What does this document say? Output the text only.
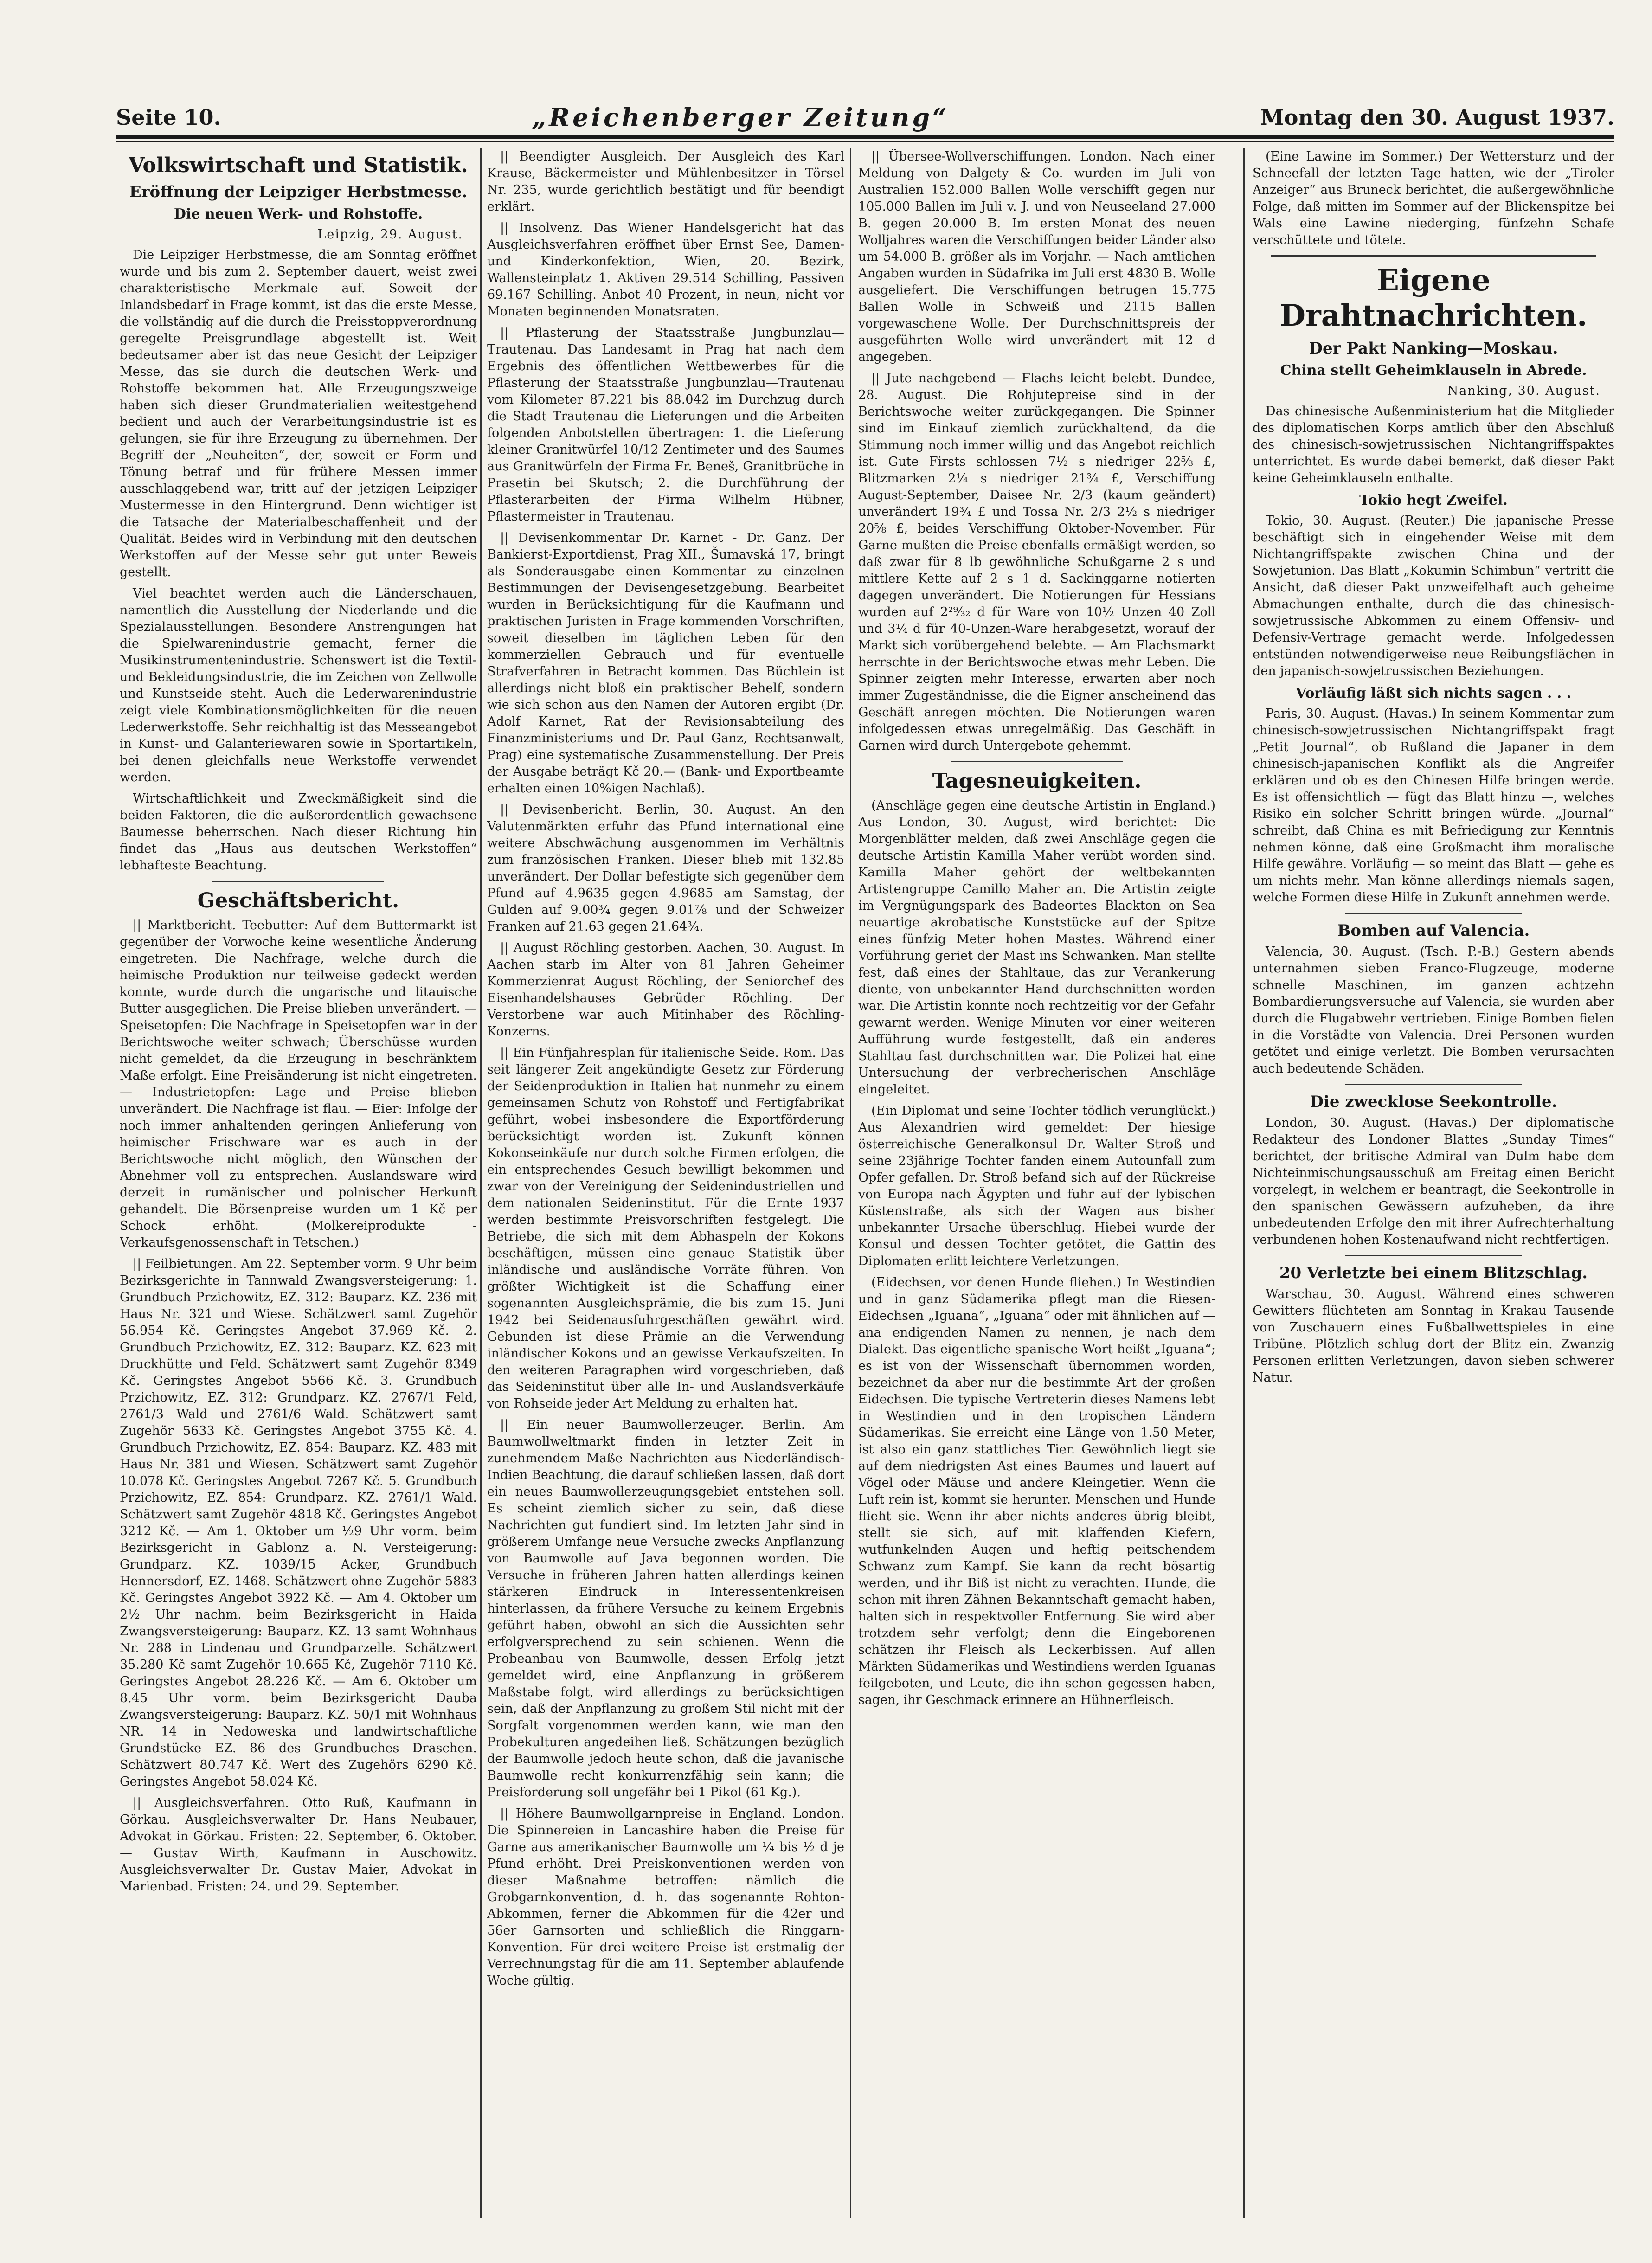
Seite 10.	„Reichenberger Zeitung“	Montag den 30. August 1937.
Volkswirtschaft und Statistik.
Eröffnung der Leipziger Herbstmesse.
Die neuen Werk- und Rohstoffe.
Leipzig, 29. August.

Die Leipziger Herbstmesse, die am Sonntag eröffnet wurde und bis zum 2. September dauert, weist zwei charakteristische Merkmale auf. Soweit der Inlandsbedarf in Frage kommt, ist das die erste Messe, die vollständig auf die durch die Preisstoppverordnung geregelte Preisgrundlage abgestellt ist. Weit bedeutsamer aber ist das neue Gesicht der Leipziger Messe, das sie durch die deutschen Werk- und Rohstoffe bekommen hat. Alle Erzeugungszweige haben sich dieser Grundmaterialien weitestgehend bedient und auch der Verarbeitungsindustrie ist es gelungen, sie für ihre Erzeugung zu übernehmen. Der Begriff der „Neuheiten“, der, soweit er Form und Tönung betraf und für frühere Messen immer ausschlaggebend war, tritt auf der jetzigen Leipziger Mustermesse in den Hintergrund. Denn wichtiger ist die Tatsache der Materialbeschaffenheit und der Qualität. Beides wird in Verbindung mit den deutschen Werkstoffen auf der Messe sehr gut unter Beweis gestellt.

Viel beachtet werden auch die Länderschauen, namentlich die Ausstellung der Niederlande und die Spezialausstellungen. Besondere Anstrengungen hat die Spielwarenindustrie gemacht, ferner die Musikinstrumentenindustrie. Schenswert ist die Textil- und Bekleidungsindustrie, die im Zeichen von Zellwolle und Kunstseide steht. Auch die Lederwarenindustrie zeigt viele Kombinationsmöglichkeiten für die neuen Lederwerkstoffe. Sehr reichhaltig ist das Messeangebot in Kunst- und Galanteriewaren sowie in Sportartikeln, bei denen gleichfalls neue Werkstoffe verwendet werden.

Wirtschaftlichkeit und Zweckmäßigkeit sind die beiden Faktoren, die die außerordentlich gewachsene Baumesse beherrschen. Nach dieser Richtung hin findet das „Haus aus deutschen Werkstoffen“ lebhafteste Beachtung.

Geschäftsbericht.

|| Marktbericht. Teebutter: Auf dem Buttermarkt ist gegenüber der Vorwoche keine wesentliche Änderung eingetreten. Die Nachfrage, welche durch die heimische Produktion nur teilweise gedeckt werden konnte, wurde durch die ungarische und litauische Butter ausgeglichen. Die Preise blieben unverändert. — Speisetopfen: Die Nachfrage in Speisetopfen war in der Berichtswoche weiter schwach; Überschüsse wurden nicht gemeldet, da die Erzeugung in beschränktem Maße erfolgt. Eine Preisänderung ist nicht eingetreten. — Industrietopfen: Lage und Preise blieben unverändert. Die Nachfrage ist flau. — Eier: Infolge der noch immer anhaltenden geringen Anlieferung von heimischer Frischware war es auch in der Berichtswoche nicht möglich, den Wünschen der Abnehmer voll zu entsprechen. Auslandsware wird derzeit in rumänischer und polnischer Herkunft gehandelt. Die Börsenpreise wurden um 1 Kč per Schock erhöht. (Molkereiprodukte - Verkaufsgenossenschaft in Tetschen.)

|| Feilbietungen. Am 22. September vorm. 9 Uhr beim Bezirksgerichte in Tannwald Zwangsversteigerung: 1. Grundbuch Przichowitz, EZ. 312: Bauparz. KZ. 236 mit Haus Nr. 321 und Wiese. Schätzwert samt Zugehör 56.954 Kč. Geringstes Angebot 37.969 Kč. 2. Grundbuch Przichowitz, EZ. 312: Bauparz. KZ. 623 mit Druckhütte und Feld. Schätzwert samt Zugehör 8349 Kč. Geringstes Angebot 5566 Kč. 3. Grundbuch Przichowitz, EZ. 312: Grundparz. KZ. 2767/1 Feld, 2761/3 Wald und 2761/6 Wald. Schätzwert samt Zugehör 5633 Kč. Geringstes Angebot 3755 Kč. 4. Grundbuch Przichowitz, EZ. 854: Bauparz. KZ. 483 mit Haus Nr. 381 und Wiesen. Schätzwert samt Zugehör 10.078 Kč. Geringstes Angebot 7267 Kč. 5. Grundbuch Przichowitz, EZ. 854: Grundparz. KZ. 2761/1 Wald. Schätzwert samt Zugehör 4818 Kč. Geringstes Angebot 3212 Kč. — Am 1. Oktober um ½9 Uhr vorm. beim Bezirksgericht in Gablonz a. N. Versteigerung: Grundparz. KZ. 1039/15 Acker, Grundbuch Hennersdorf, EZ. 1468. Schätzwert ohne Zugehör 5883 Kč. Geringstes Angebot 3922 Kč. — Am 4. Oktober um 2½ Uhr nachm. beim Bezirksgericht in Haida Zwangsversteigerung: Bauparz. KZ. 13 samt Wohnhaus Nr. 288 in Lindenau und Grundparzelle. Schätzwert 35.280 Kč samt Zugehör 10.665 Kč, Zugehör 7110 Kč. Geringstes Angebot 28.226 Kč. — Am 6. Oktober um 8.45 Uhr vorm. beim Bezirksgericht Dauba Zwangsversteigerung: Bauparz. KZ. 50/1 mit Wohnhaus NR. 14 in Nedoweska und landwirtschaftliche Grundstücke EZ. 86 des Grundbuches Draschen. Schätzwert 80.747 Kč. Wert des Zugehörs 6290 Kč. Geringstes Angebot 58.024 Kč.

|| Ausgleichsverfahren. Otto Ruß, Kaufmann in Görkau. Ausgleichsverwalter Dr. Hans Neubauer, Advokat in Görkau. Fristen: 22. September, 6. Oktober. — Gustav Wirth, Kaufmann in Auschowitz. Ausgleichsverwalter Dr. Gustav Maier, Advokat in Marienbad. Fristen: 24. und 29. September.

|| Beendigter Ausgleich. Der Ausgleich des Karl Krause, Bäckermeister und Mühlenbesitzer in Törsel Nr. 235, wurde gerichtlich bestätigt und für beendigt erklärt.

|| Insolvenz. Das Wiener Handelsgericht hat das Ausgleichsverfahren eröffnet über Ernst See, Damen- und Kinderkonfektion, Wien, 20. Bezirk, Wallensteinplatz 1. Aktiven 29.514 Schilling, Passiven 69.167 Schilling. Anbot 40 Prozent, in neun, nicht vor Monaten beginnenden Monatsraten.

|| Pflasterung der Staatsstraße Jungbunzlau—Trautenau. Das Landesamt in Prag hat nach dem Ergebnis des öffentlichen Wettbewerbes für die Pflasterung der Staatsstraße Jungbunzlau—Trautenau vom Kilometer 87.221 bis 88.042 im Durchzug durch die Stadt Trautenau die Lieferungen und die Arbeiten folgenden Anbotstellen übertragen: 1. die Lieferung kleiner Granitwürfel 10/12 Zentimeter und des Saumes aus Granitwürfeln der Firma Fr. Beneš, Granitbrüche in Prasetin bei Skutsch; 2. die Durchführung der Pflasterarbeiten der Firma Wilhelm Hübner, Pflastermeister in Trautenau.

|| Devisenkommentar Dr. Karnet - Dr. Ganz. Der Bankierst-Exportdienst, Prag XII., Šumavská 17, bringt als Sonderausgabe einen Kommentar zu einzelnen Bestimmungen der Devisengesetzgebung. Bearbeitet wurden in Berücksichtigung für die Kaufmann und praktischen Juristen in Frage kommenden Vorschriften, soweit dieselben im täglichen Leben für den kommerziellen Gebrauch und für eventuelle Strafverfahren in Betracht kommen. Das Büchlein ist allerdings nicht bloß ein praktischer Behelf, sondern wie sich schon aus den Namen der Autoren ergibt (Dr. Adolf Karnet, Rat der Revisionsabteilung des Finanzministeriums und Dr. Paul Ganz, Rechtsanwalt, Prag) eine systematische Zusammenstellung. Der Preis der Ausgabe beträgt Kč 20.— (Bank- und Exportbeamte erhalten einen 10%igen Nachlaß).

|| Devisenbericht. Berlin, 30. August. An den Valutenmärkten erfuhr das Pfund international eine weitere Abschwächung ausgenommen im Verhältnis zum französischen Franken. Dieser blieb mit 132.85 unverändert. Der Dollar befestigte sich gegenüber dem Pfund auf 4.9635 gegen 4.9685 am Samstag, der Gulden auf 9.00¾ gegen 9.01⅞ und der Schweizer Franken auf 21.63 gegen 21.64¾.

|| August Röchling gestorben. Aachen, 30. August. In Aachen starb im Alter von 81 Jahren Geheimer Kommerzienrat August Röchling, der Seniorchef des Eisenhandelshauses Gebrüder Röchling. Der Verstorbene war auch Mitinhaber des Röchling-Konzerns.

|| Ein Fünfjahresplan für italienische Seide. Rom. Das seit längerer Zeit angekündigte Gesetz zur Förderung der Seidenproduktion in Italien hat nunmehr zu einem gemeinsamen Schutz von Rohstoff und Fertigfabrikat geführt, wobei insbesondere die Exportförderung berücksichtigt worden ist. Zukunft können Kokonseinkäufe nur durch solche Firmen erfolgen, die ein entsprechendes Gesuch bewilligt bekommen und zwar von der Vereinigung der Seidenindustriellen und dem nationalen Seideninstitut. Für die Ernte 1937 werden bestimmte Preisvorschriften festgelegt. Die Betriebe, die sich mit dem Abhaspeln der Kokons beschäftigen, müssen eine genaue Statistik über inländische und ausländische Vorräte führen. Von größter Wichtigkeit ist die Schaffung einer sogenannten Ausgleichsprämie, die bis zum 15. Juni 1942 bei Seidenausfuhrgeschäften gewährt wird. Gebunden ist diese Prämie an die Verwendung inländischer Kokons und an gewisse Verkaufszeiten. In den weiteren Paragraphen wird vorgeschrieben, daß das Seideninstitut über alle In- und Auslandsverkäufe von Rohseide jeder Art Meldung zu erhalten hat.

|| Ein neuer Baumwollerzeuger. Berlin. Am Baumwollweltmarkt finden in letzter Zeit in zunehmendem Maße Nachrichten aus Niederländisch-Indien Beachtung, die darauf schließen lassen, daß dort ein neues Baumwollerzeugungsgebiet entstehen soll. Es scheint ziemlich sicher zu sein, daß diese Nachrichten gut fundiert sind. Im letzten Jahr sind in größerem Umfange neue Versuche zwecks Anpflanzung von Baumwolle auf Java begonnen worden. Die Versuche in früheren Jahren hatten allerdings keinen stärkeren Eindruck in Interessentenkreisen hinterlassen, da frühere Versuche zu keinem Ergebnis geführt haben, obwohl an sich die Aussichten sehr erfolgversprechend zu sein schienen. Wenn die Probeanbau von Baumwolle, dessen Erfolg jetzt gemeldet wird, eine Anpflanzung in größerem Maßstabe folgt, wird allerdings zu berücksichtigen sein, daß der Anpflanzung zu großem Stil nicht mit der Sorgfalt vorgenommen werden kann, wie man den Probekulturen angedeihen ließ. Schätzungen bezüglich der Baumwolle jedoch heute schon, daß die javanische Baumwolle recht konkurrenzfähig sein kann; die Preisforderung soll ungefähr bei 1 Pikol (61 Kg.).

|| Höhere Baumwollgarnpreise in England. London. Die Spinnereien in Lancashire haben die Preise für Garne aus amerikanischer Baumwolle um ¼ bis ½ d je Pfund erhöht. Drei Preiskonventionen werden von dieser Maßnahme betroffen: nämlich die Grobgarnkonvention, d. h. das sogenannte Rohton-Abkommen, ferner die Abkommen für die 42er und 56er Garnsorten und schließlich die Ringgarn-Konvention. Für drei weitere Preise ist erstmalig der Verrechnungstag für die am 11. September ablaufende Woche gültig.

|| Übersee-Wollverschiffungen. London. Nach einer Meldung von Dalgety & Co. wurden im Juli von Australien 152.000 Ballen Wolle verschifft gegen nur 105.000 Ballen im Juli v. J. und von Neuseeland 27.000 B. gegen 20.000 B. Im ersten Monat des neuen Wolljahres waren die Verschiffungen beider Länder also um 54.000 B. größer als im Vorjahr. — Nach amtlichen Angaben wurden in Südafrika im Juli erst 4830 B. Wolle ausgeliefert. Die Verschiffungen betrugen 15.775 Ballen Wolle in Schweiß und 2115 Ballen vorgewaschene Wolle. Der Durchschnittspreis der ausgeführten Wolle wird unverändert mit 12 d angegeben.

|| Jute nachgebend — Flachs leicht belebt. Dundee, 28. August. Die Rohjutepreise sind in der Berichtswoche weiter zurückgegangen. Die Spinner sind im Einkauf ziemlich zurückhaltend, da die Stimmung noch immer willig und das Angebot reichlich ist. Gute Firsts schlossen 7½ s niedriger 22⅝ £, Blitzmarken 2¼ s niedriger 21¾ £, Verschiffung August-September, Daisee Nr. 2/3 (kaum geändert) unverändert 19¾ £ und Tossa Nr. 2/3 2½ s niedriger 20⅝ £, beides Verschiffung Oktober-November. Für Garne mußten die Preise ebenfalls ermäßigt werden, so daß zwar für 8 lb gewöhnliche Schußgarne 2 s und mittlere Kette auf 2 s 1 d. Sackinggarne notierten dagegen unverändert. Die Notierungen für Hessians wurden auf 2²⁹⁄₃₂ d für Ware von 10½ Unzen 40 Zoll und 3¼ d für 40-Unzen-Ware herabgesetzt, worauf der Markt sich vorübergehend belebte. — Am Flachsmarkt herrschte in der Berichtswoche etwas mehr Leben. Die Spinner zeigten mehr Interesse, erwarten aber noch immer Zugeständnisse, die die Eigner anscheinend das Geschäft anregen möchten. Die Notierungen waren infolgedessen etwas unregelmäßig. Das Geschäft in Garnen wird durch Untergebote gehemmt.

Tagesneuigkeiten.

(Anschläge gegen eine deutsche Artistin in England.) Aus London, 30. August, wird berichtet: Die Morgenblätter melden, daß zwei Anschläge gegen die deutsche Artistin Kamilla Maher verübt worden sind. Kamilla Maher gehört der weltbekannten Artistengruppe Camillo Maher an. Die Artistin zeigte im Vergnügungspark des Badeortes Blackton on Sea neuartige akrobatische Kunststücke auf der Spitze eines fünfzig Meter hohen Mastes. Während einer Vorführung geriet der Mast ins Schwanken. Man stellte fest, daß eines der Stahltaue, das zur Verankerung diente, von unbekannter Hand durchschnitten worden war. Die Artistin konnte noch rechtzeitig vor der Gefahr gewarnt werden. Wenige Minuten vor einer weiteren Aufführung wurde festgestellt, daß ein anderes Stahltau fast durchschnitten war. Die Polizei hat eine Untersuchung der verbrecherischen Anschläge eingeleitet.

(Ein Diplomat und seine Tochter tödlich verunglückt.) Aus Alexandrien wird gemeldet: Der hiesige österreichische Generalkonsul Dr. Walter Stroß und seine 23jährige Tochter fanden einem Autounfall zum Opfer gefallen. Dr. Stroß befand sich auf der Rückreise von Europa nach Ägypten und fuhr auf der lybischen Küstenstraße, als sich der Wagen aus bisher unbekannter Ursache überschlug. Hiebei wurde der Konsul und dessen Tochter getötet, die Gattin des Diplomaten erlitt leichtere Verletzungen.

(Eidechsen, vor denen Hunde fliehen.) In Westindien und in ganz Südamerika pflegt man die Riesen-Eidechsen „Iguana“, „Iguana“ oder mit ähnlichen auf — ana endigenden Namen zu nennen, je nach dem Dialekt. Das eigentliche spanische Wort heißt „Iguana“; es ist von der Wissenschaft übernommen worden, bezeichnet da aber nur die bestimmte Art der großen Eidechsen. Die typische Vertreterin dieses Namens lebt in Westindien und in den tropischen Ländern Südamerikas. Sie erreicht eine Länge von 1.50 Meter, ist also ein ganz stattliches Tier. Gewöhnlich liegt sie auf dem niedrigsten Ast eines Baumes und lauert auf Vögel oder Mäuse und andere Kleingetier. Wenn die Luft rein ist, kommt sie herunter. Menschen und Hunde flieht sie. Wenn ihr aber nichts anderes übrig bleibt, stellt sie sich, auf mit klaffenden Kiefern, wutfunkelnden Augen und heftig peitschendem Schwanz zum Kampf. Sie kann da recht bösartig werden, und ihr Biß ist nicht zu verachten. Hunde, die schon mit ihren Zähnen Bekanntschaft gemacht haben, halten sich in respektvoller Entfernung. Sie wird aber trotzdem sehr verfolgt; denn die Eingeborenen schätzen ihr Fleisch als Leckerbissen. Auf allen Märkten Südamerikas und Westindiens werden Iguanas feilgeboten, und Leute, die ihn schon gegessen haben, sagen, ihr Geschmack erinnere an Hühnerfleisch.

(Eine Lawine im Sommer.) Der Wettersturz und der Schneefall der letzten Tage hatten, wie der „Tiroler Anzeiger“ aus Bruneck berichtet, die außergewöhnliche Folge, daß mitten im Sommer auf der Blickenspitze bei Wals eine Lawine niederging, fünfzehn Schafe verschüttete und tötete.

Eigene Drahtnachrichten.
Der Pakt Nanking—Moskau.
China stellt Geheimklauseln in Abrede.
Nanking, 30. August.

Das chinesische Außenministerium hat die Mitglieder des diplomatischen Korps amtlich über den Abschluß des chinesisch-sowjetrussischen Nichtangriffspaktes unterrichtet. Es wurde dabei bemerkt, daß dieser Pakt keine Geheimklauseln enthalte.

Tokio hegt Zweifel.

Tokio, 30. August. (Reuter.) Die japanische Presse beschäftigt sich in eingehender Weise mit dem Nichtangriffspakte zwischen China und der Sowjetunion. Das Blatt „Kokumin Schimbun“ vertritt die Ansicht, daß dieser Pakt unzweifelhaft auch geheime Abmachungen enthalte, durch die das chinesisch-sowjetrussische Abkommen zu einem Offensiv- und Defensiv-Vertrage gemacht werde. Infolgedessen entstünden notwendigerweise neue Reibungsflächen in den japanisch-sowjetrussischen Beziehungen.

Vorläufig läßt sich nichts sagen . . .

Paris, 30. August. (Havas.) In seinem Kommentar zum chinesisch-sowjetrussischen Nichtangriffspakt fragt „Petit Journal“, ob Rußland die Japaner in dem chinesisch-japanischen Konflikt als die Angreifer erklären und ob es den Chinesen Hilfe bringen werde. Es ist offensichtlich — fügt das Blatt hinzu —, welches Risiko ein solcher Schritt bringen würde. „Journal“ schreibt, daß China es mit Befriedigung zur Kenntnis nehmen könne, daß eine Großmacht ihm moralische Hilfe gewähre. Vorläufig — so meint das Blatt — gehe es um nichts mehr. Man könne allerdings niemals sagen, welche Formen diese Hilfe in Zukunft annehmen werde.

Bomben auf Valencia.

Valencia, 30. August. (Tsch. P.-B.) Gestern abends unternahmen sieben Franco-Flugzeuge, moderne schnelle Maschinen, im ganzen achtzehn Bombardierungsversuche auf Valencia, sie wurden aber durch die Flugabwehr vertrieben. Einige Bomben fielen in die Vorstädte von Valencia. Drei Personen wurden getötet und einige verletzt. Die Bomben verursachten auch bedeutende Schäden.

Die zwecklose Seekontrolle.

London, 30. August. (Havas.) Der diplomatische Redakteur des Londoner Blattes „Sunday Times“ berichtet, der britische Admiral van Dulm habe dem Nichteinmischungsausschuß am Freitag einen Bericht vorgelegt, in welchem er beantragt, die Seekontrolle in den spanischen Gewässern aufzuheben, da ihre unbedeutenden Erfolge den mit ihrer Aufrechterhaltung verbundenen hohen Kostenaufwand nicht rechtfertigen.

20 Verletzte bei einem Blitzschlag.

Warschau, 30. August. Während eines schweren Gewitters flüchteten am Sonntag in Krakau Tausende von Zuschauern eines Fußballwettspieles in eine Tribüne. Plötzlich schlug dort der Blitz ein. Zwanzig Personen erlitten Verletzungen, davon sieben schwerer Natur.
